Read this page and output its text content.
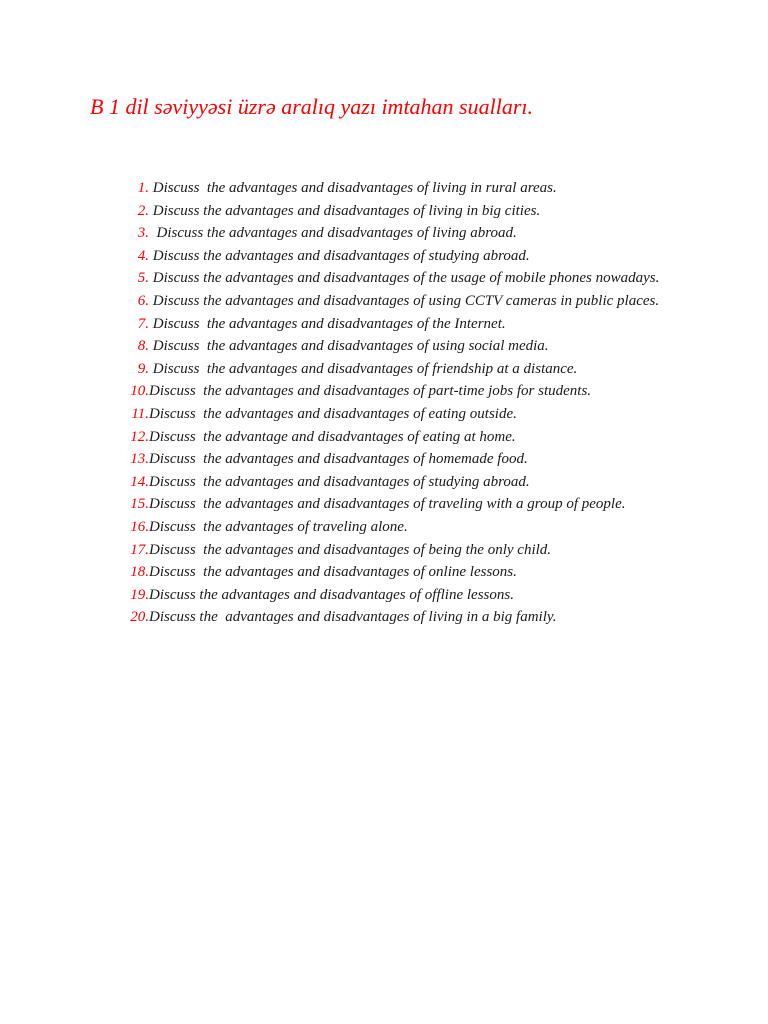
B 1 dil səviyyəsi üzrə aralıq yazı imtahan sualları.
1. Discuss  the advantages and disadvantages of living in rural areas.
2. Discuss the advantages and disadvantages of living in big cities.
3. Discuss the advantages and disadvantages of living abroad.
4. Discuss the advantages and disadvantages of studying abroad.
5. Discuss the advantages and disadvantages of the usage of mobile phones nowadays.
6. Discuss the advantages and disadvantages of using CCTV cameras in public places.
7. Discuss  the advantages and disadvantages of the Internet.
8. Discuss  the advantages and disadvantages of using social media.
9. Discuss  the advantages and disadvantages of friendship at a distance.
10. Discuss  the advantages and disadvantages of part-time jobs for students.
11. Discuss  the advantages and disadvantages of eating outside.
12. Discuss  the advantage and disadvantages of eating at home.
13. Discuss  the advantages and disadvantages of homemade food.
14. Discuss  the advantages and disadvantages of studying abroad.
15. Discuss  the advantages and disadvantages of traveling with a group of people.
16. Discuss  the advantages of traveling alone.
17. Discuss  the advantages and disadvantages of being the only child.
18. Discuss  the advantages and disadvantages of online lessons.
19. Discuss the advantages and disadvantages of offline lessons.
20. Discuss the  advantages and disadvantages of living in a big family.
